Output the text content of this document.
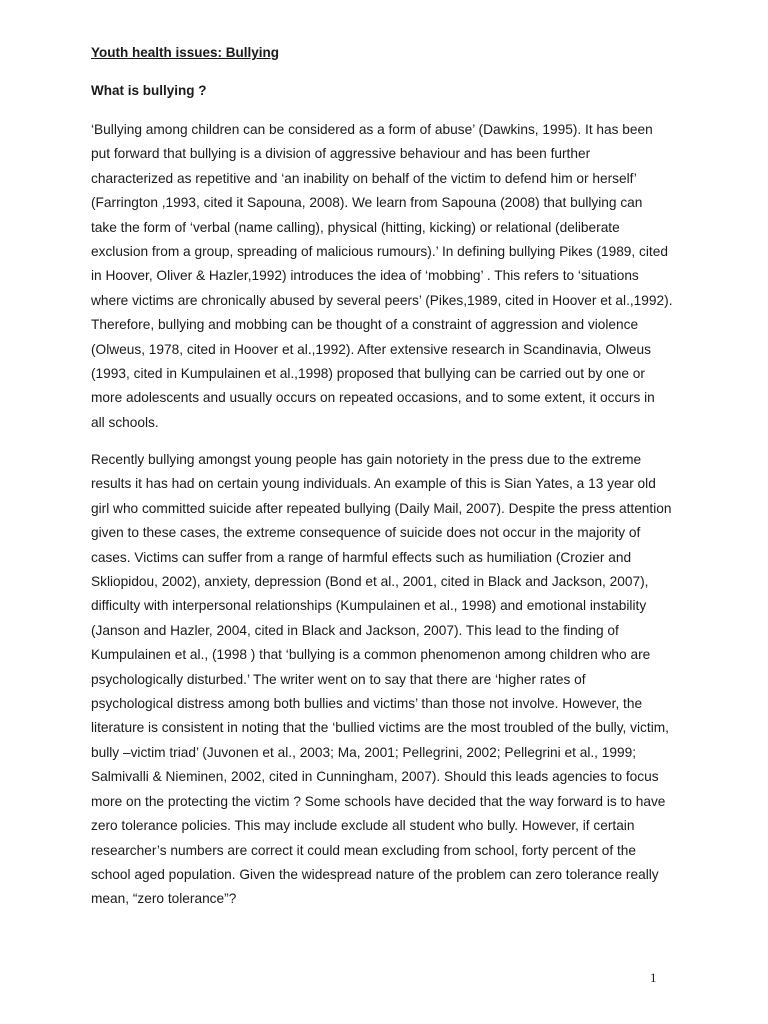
Youth health issues: Bullying
What is bullying ?
‘Bullying among children can be considered as a form of abuse’ (Dawkins, 1995). It has been
put forward that bullying is a division of aggressive behaviour and has been further
characterized as repetitive and ‘an inability on behalf of the victim to defend him or herself’
(Farrington ,1993, cited it Sapouna, 2008). We learn from Sapouna (2008) that bullying can
take the form of ‘verbal (name calling), physical (hitting, kicking) or relational (deliberate
exclusion from a group, spreading of malicious rumours).’ In defining bullying Pikes (1989, cited
in Hoover, Oliver & Hazler,1992) introduces the idea of ‘mobbing’ . This refers to ‘situations
where victims are chronically abused by several peers’ (Pikes,1989, cited in Hoover et al.,1992).
Therefore, bullying and mobbing can be thought of a constraint of aggression and violence
(Olweus, 1978, cited in Hoover et al.,1992). After extensive research in Scandinavia, Olweus
(1993, cited in Kumpulainen et al.,1998) proposed that bullying can be carried out by one or
more adolescents and usually occurs on repeated occasions, and to some extent, it occurs in
all schools.
Recently bullying amongst young people has gain notoriety in the press due to the extreme
results it has had on certain young individuals. An example of this is Sian Yates, a 13 year old
girl who committed suicide after repeated bullying (Daily Mail, 2007). Despite the press attention
given to these cases, the extreme consequence of suicide does not occur in the majority of
cases. Victims can suffer from a range of harmful effects such as humiliation (Crozier and
Skliopidou, 2002), anxiety, depression (Bond et al., 2001, cited in Black and Jackson, 2007),
difficulty with interpersonal relationships (Kumpulainen et al., 1998) and emotional instability
(Janson and Hazler, 2004, cited in Black and Jackson, 2007). This lead to the finding of
Kumpulainen et al., (1998 ) that ‘bullying is a common phenomenon among children who are
psychologically disturbed.’ The writer went on to say that there are ‘higher rates of
psychological distress among both bullies and victims’ than those not involve. However, the
literature is consistent in noting that the ‘bullied victims are the most troubled of the bully, victim,
bully –victim triad’ (Juvonen et al., 2003; Ma, 2001; Pellegrini, 2002; Pellegrini et al., 1999;
Salmivalli & Nieminen, 2002, cited in Cunningham, 2007). Should this leads agencies to focus
more on the protecting the victim ? Some schools have decided that the way forward is to have
zero tolerance policies. This may include exclude all student who bully. However, if certain
researcher’s numbers are correct it could mean excluding from school, forty percent of the
school aged population. Given the widespread nature of the problem can zero tolerance really
mean, “zero tolerance”?
1
